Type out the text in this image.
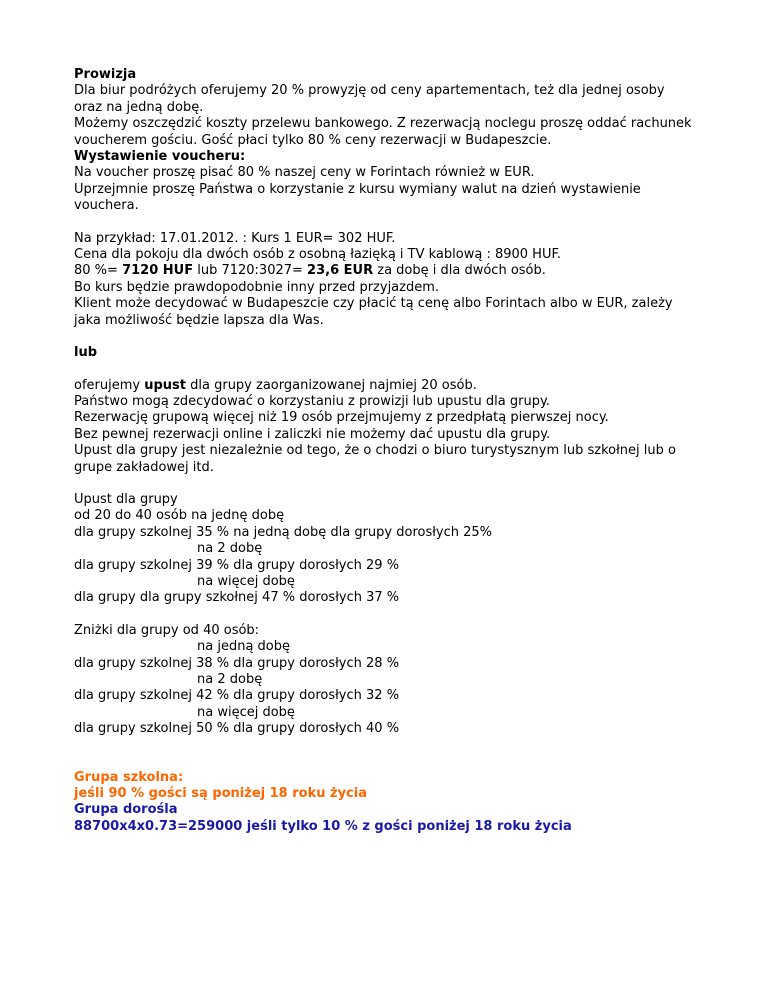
Prowizja

Dla biur podróżych oferujemy 20 % prowyzję od ceny apartementach, też dla jednej osoby

oraz na jedną dobę.

Możemy oszczędzić koszty przelewu bankowego. Z rezerwacją noclegu proszę oddać rachunek

voucherem gościu. Gość płaci tylko 80 % ceny rezerwacji w Budapeszcie.

Wystawienie voucheru:

Na voucher proszę pisać 80 % naszej ceny w Forintach również w EUR.

Uprzejmnie proszę Państwa o korzystanie z kursu wymiany walut na dzień wystawienie

vouchera.

Na przykład: 17.01.2012. : Kurs 1 EUR= 302 HUF.

Cena dla pokoju dla dwóch osób z osobną łazięką i TV kablową : 8900 HUF.

80 %= 7120 HUF lub 7120:3027= 23,6 EUR za dobę i dla dwóch osób.

Bo kurs będzie prawdopodobnie inny przed przyjazdem.

Klient może decydować w Budapeszcie czy płacić tą cenę albo Forintach albo w EUR, zależy

jaka możliwość będzie lapsza dla Was.

lub

oferujemy upust dla grupy zaorganizowanej najmiej 20 osób.

Państwo mogą zdecydować o korzystaniu z prowizji lub upustu dla grupy.

Rezerwację grupową więcej niż 19 osób przejmujemy z przedpłatą pierwszej nocy.

Bez pewnej rezerwacji online i zaliczki nie możemy dać upustu dla grupy.

Upust dla grupy jest niezależnie od tego, że o chodzi o biuro turystysznym lub szkołnej lub o

grupe zakładowej itd.

Upust dla grupy

od 20 do 40 osób na jednę dobę

dla grupy szkolnej 35 % na jedną dobę dla grupy dorosłych 25%

na 2 dobę

dla grupy szkolnej 39 % dla grupy dorosłych 29 %

na więcej dobę

dla grupy dla grupy szkołnej 47 % dorosłych 37 %

Zniżki dla grupy od 40 osób:

na jedną dobę

dla grupy szkolnej 38 % dla grupy dorosłych 28 %

na 2 dobę

dla grupy szkolnej 42 % dla grupy dorosłych 32 %

na więcej dobę

dla grupy szkolnej 50 % dla grupy dorosłych 40 %

Grupa szkolna:

jeśli 90 % gości są poniżej 18 roku życia

Grupa dorośla

88700x4x0.73=259000 jeśli tylko 10 % z gości poniżej 18 roku życia
